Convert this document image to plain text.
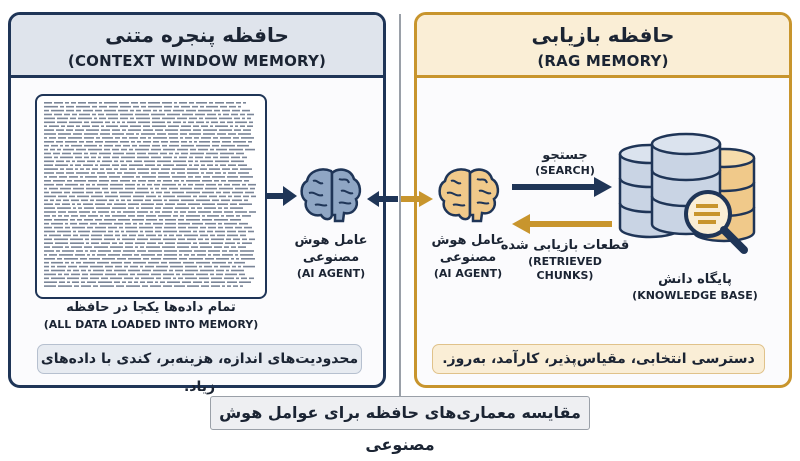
حافظه پنجره متنی
(CONTEXT WINDOW MEMORY)
حافظه بازیابی
(RAG MEMORY)
تمام داده‌ها یکجا در حافظه
(ALL DATA LOADED INTO MEMORY)
عامل هوش
مصنوعی
(AI AGENT)
عامل هوش
مصنوعی
(AI AGENT)
جستجو
(SEARCH)
قطعات بازیابی شده
(RETRIEVED CHUNKS)	پایگاه دانش
(KNOWLEDGE BASE)
محدودیت‌های اندازه، هزینه‌بر، کندی با داده‌های زیاد.
دسترسی انتخابی، مقیاس‌پذیر، کارآمد، به‌روز.
مقایسه معماری‌های حافظه برای عوامل هوش مصنوعی
